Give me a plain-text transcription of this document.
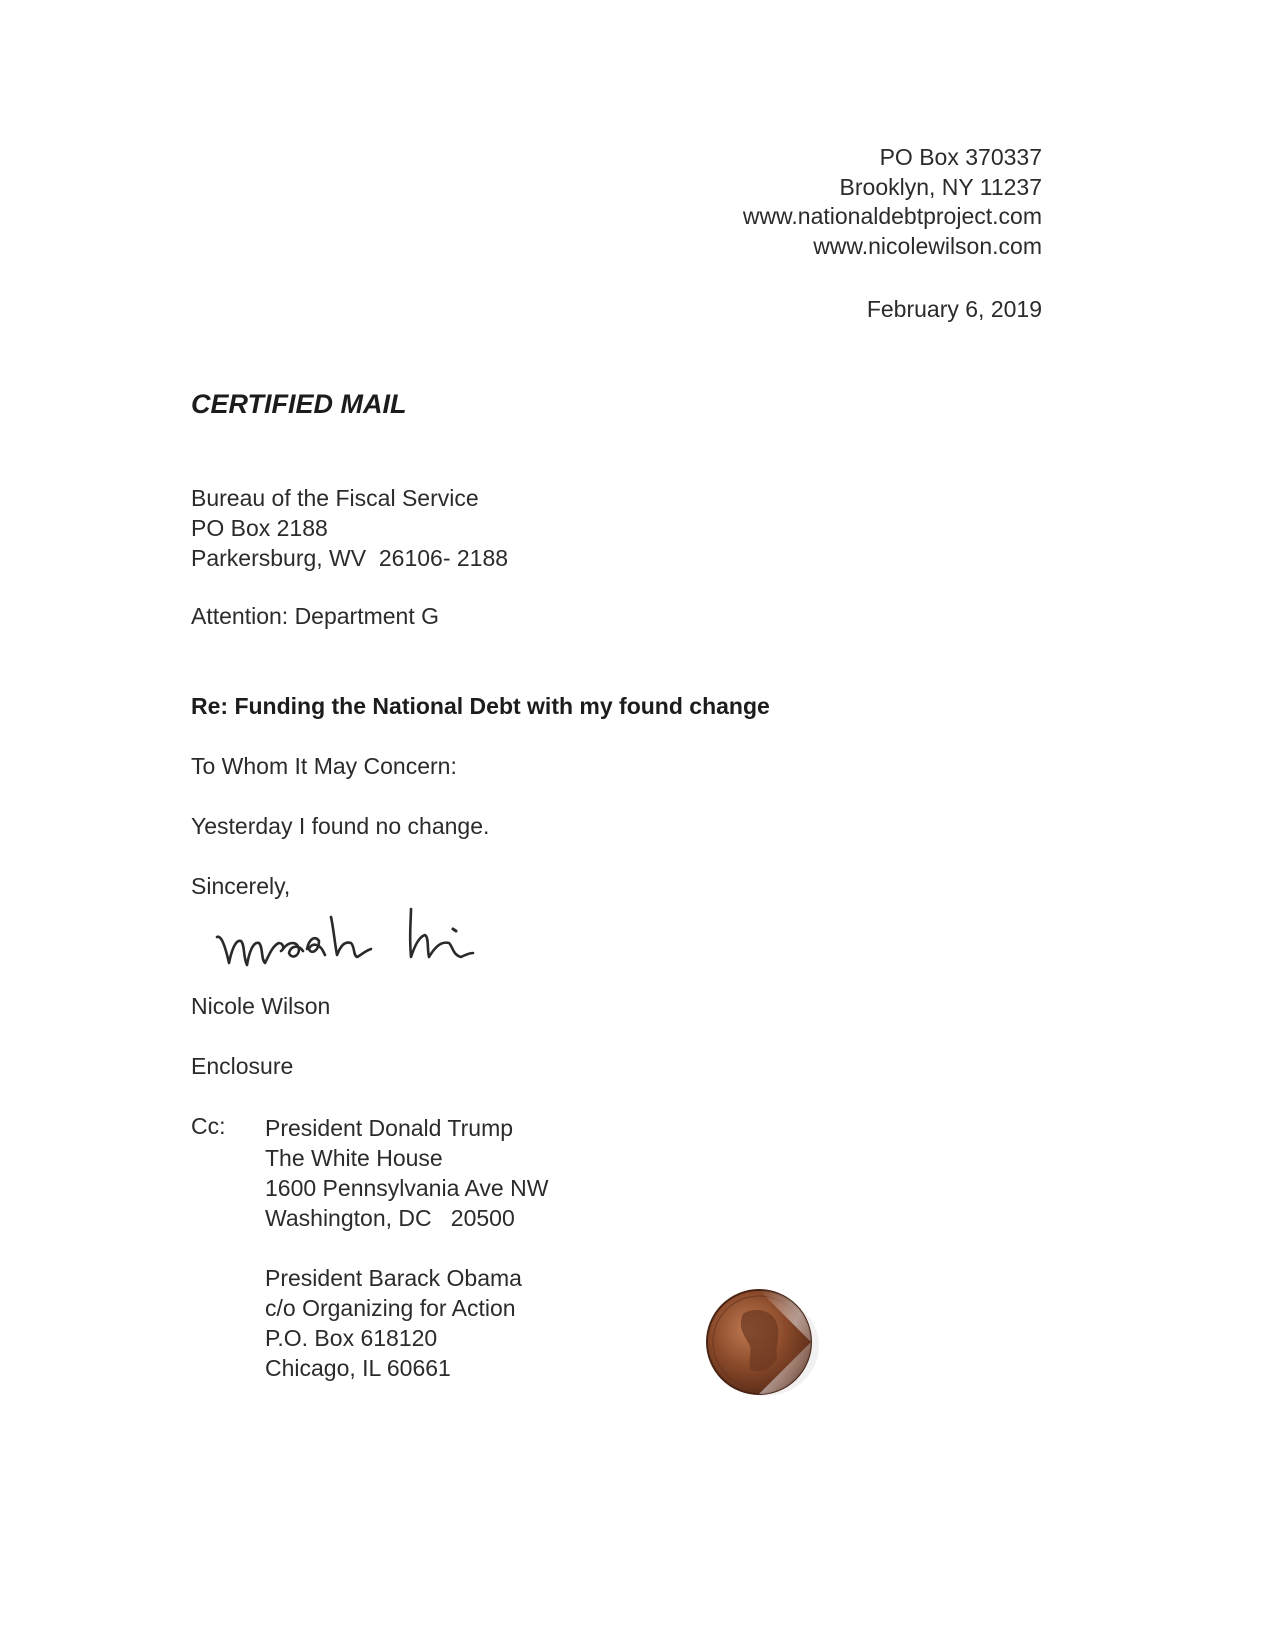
PO Box 370337
Brooklyn, NY 11237
www.nationaldebtproject.com
www.nicolewilson.com
February 6, 2019
CERTIFIED MAIL
Bureau of the Fiscal Service
PO Box 2188
Parkersburg, WV  26106- 2188
Attention: Department G
Re: Funding the National Debt with my found change
To Whom It May Concern:
Yesterday I found no change.
Sincerely,
Nicole Wilson
Enclosure
Cc: President Donald Trump
The White House
1600 Pennsylvania Ave NW
Washington, DC   20500
President Barack Obama
c/o Organizing for Action
P.O. Box 618120
Chicago, IL 60661
